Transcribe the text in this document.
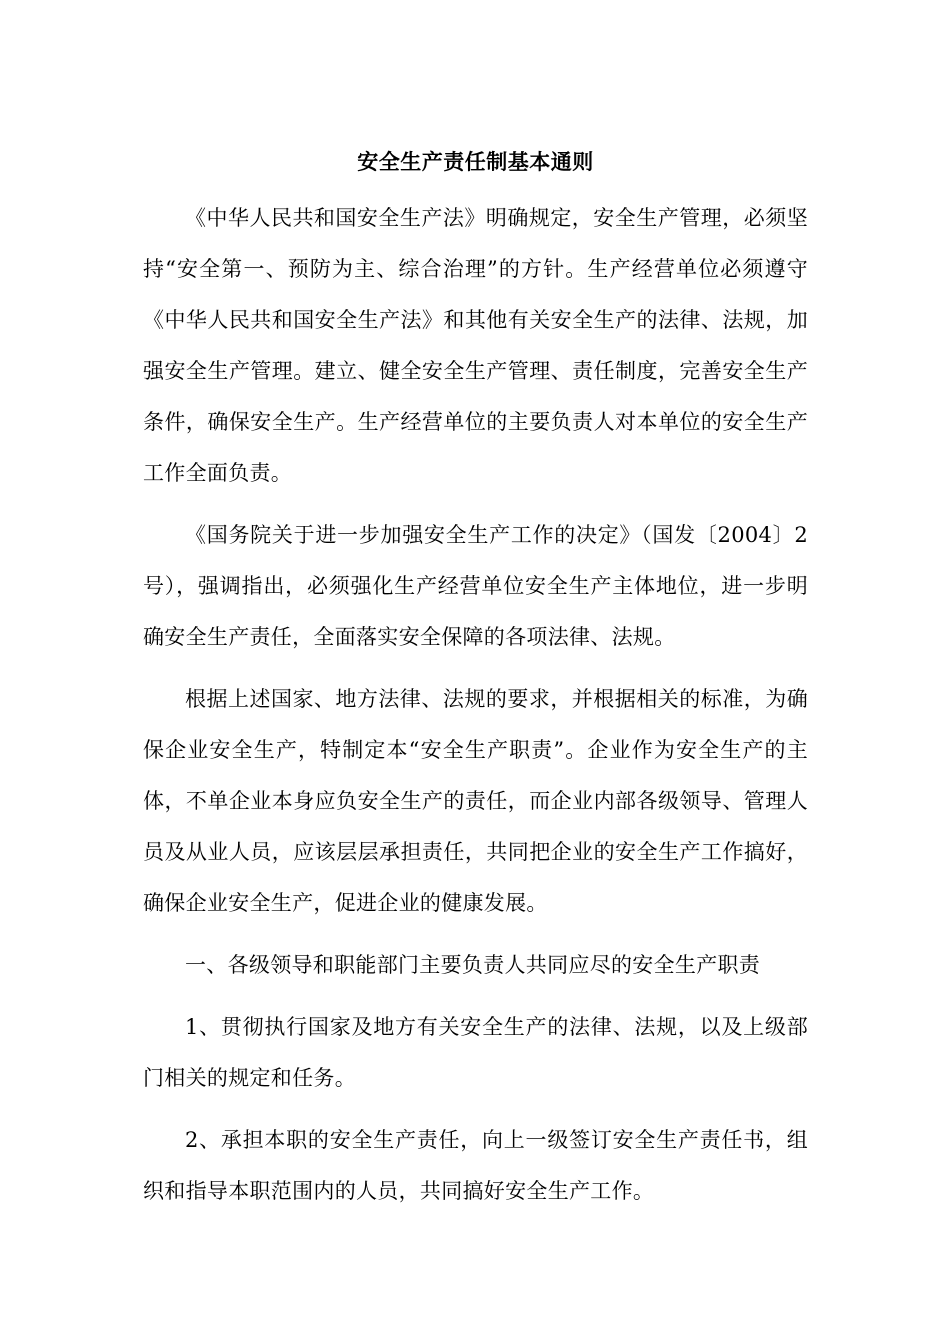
安全生产责任制基本通则

《中华人民共和国安全生产法》明确规定，安全生产管理，必须坚持“安全第一、预防为主、综合治理”的方针。生产经营单位必须遵守《中华人民共和国安全生产法》和其他有关安全生产的法律、法规，加强安全生产管理。建立、健全安全生产管理、责任制度，完善安全生产条件，确保安全生产。生产经营单位的主要负责人对本单位的安全生产工作全面负责。

《国务院关于进一步加强安全生产工作的决定》（国发〔2004〕2号），强调指出，必须强化生产经营单位安全生产主体地位，进一步明确安全生产责任，全面落实安全保障的各项法律、法规。

根据上述国家、地方法律、法规的要求，并根据相关的标准，为确保企业安全生产，特制定本“安全生产职责”。企业作为安全生产的主体，不单企业本身应负安全生产的责任，而企业内部各级领导、管理人员及从业人员，应该层层承担责任，共同把企业的安全生产工作搞好，确保企业安全生产，促进企业的健康发展。

一、各级领导和职能部门主要负责人共同应尽的安全生产职责

1、贯彻执行国家及地方有关安全生产的法律、法规，以及上级部门相关的规定和任务。

2、承担本职的安全生产责任，向上一级签订安全生产责任书，组织和指导本职范围内的人员，共同搞好安全生产工作。
